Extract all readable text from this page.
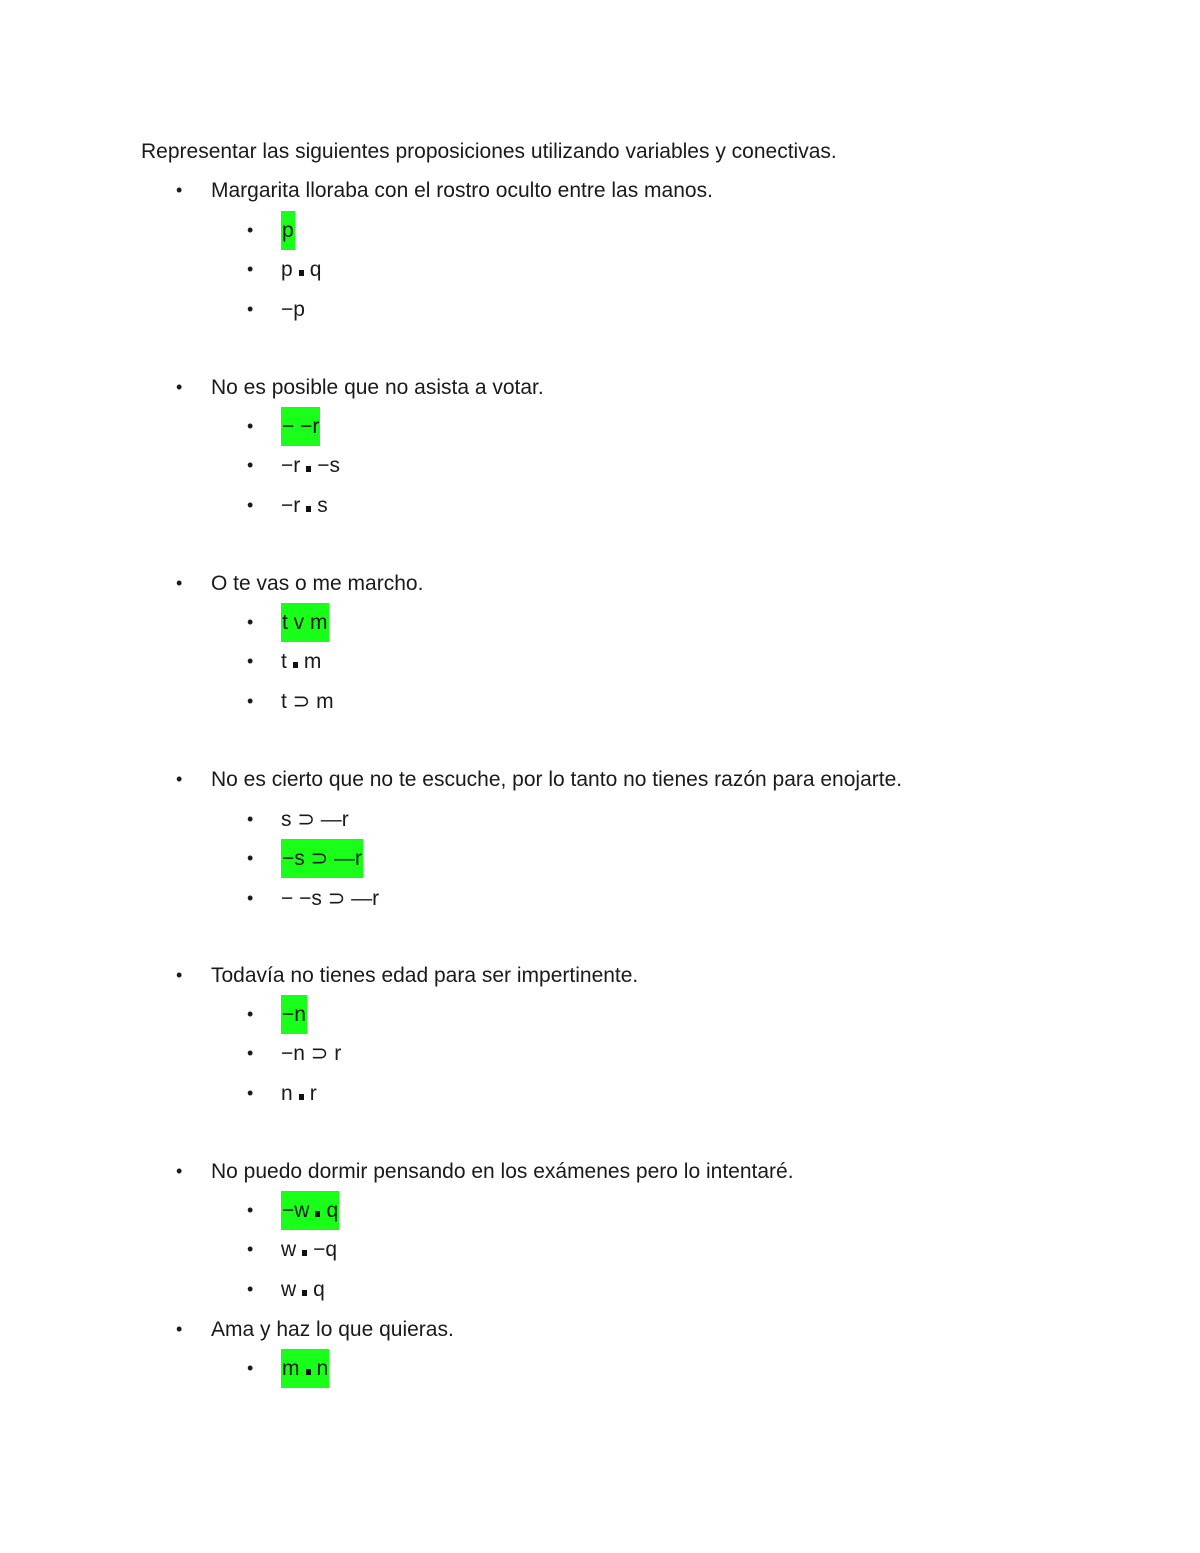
Representar las siguientes proposiciones utilizando variables y conectivas.
• Margarita lloraba con el rostro oculto entre las manos.
• p
• p q
• −p
• No es posible que no asista a votar.
• − −r
• −r −s
• −r s
• O te vas o me marcho.
• t v m
• t m
• t ⊃ m
• No es cierto que no te escuche, por lo tanto no tienes razón para enojarte.
• s ⊃ —r
• −s ⊃ —r
• − −s ⊃ —r
• Todavía no tienes edad para ser impertinente.
• −n
• −n ⊃ r
• n r
• No puedo dormir pensando en los exámenes pero lo intentaré.
• −w q
• w −q
• w q
• Ama y haz lo que quieras.
• m n
